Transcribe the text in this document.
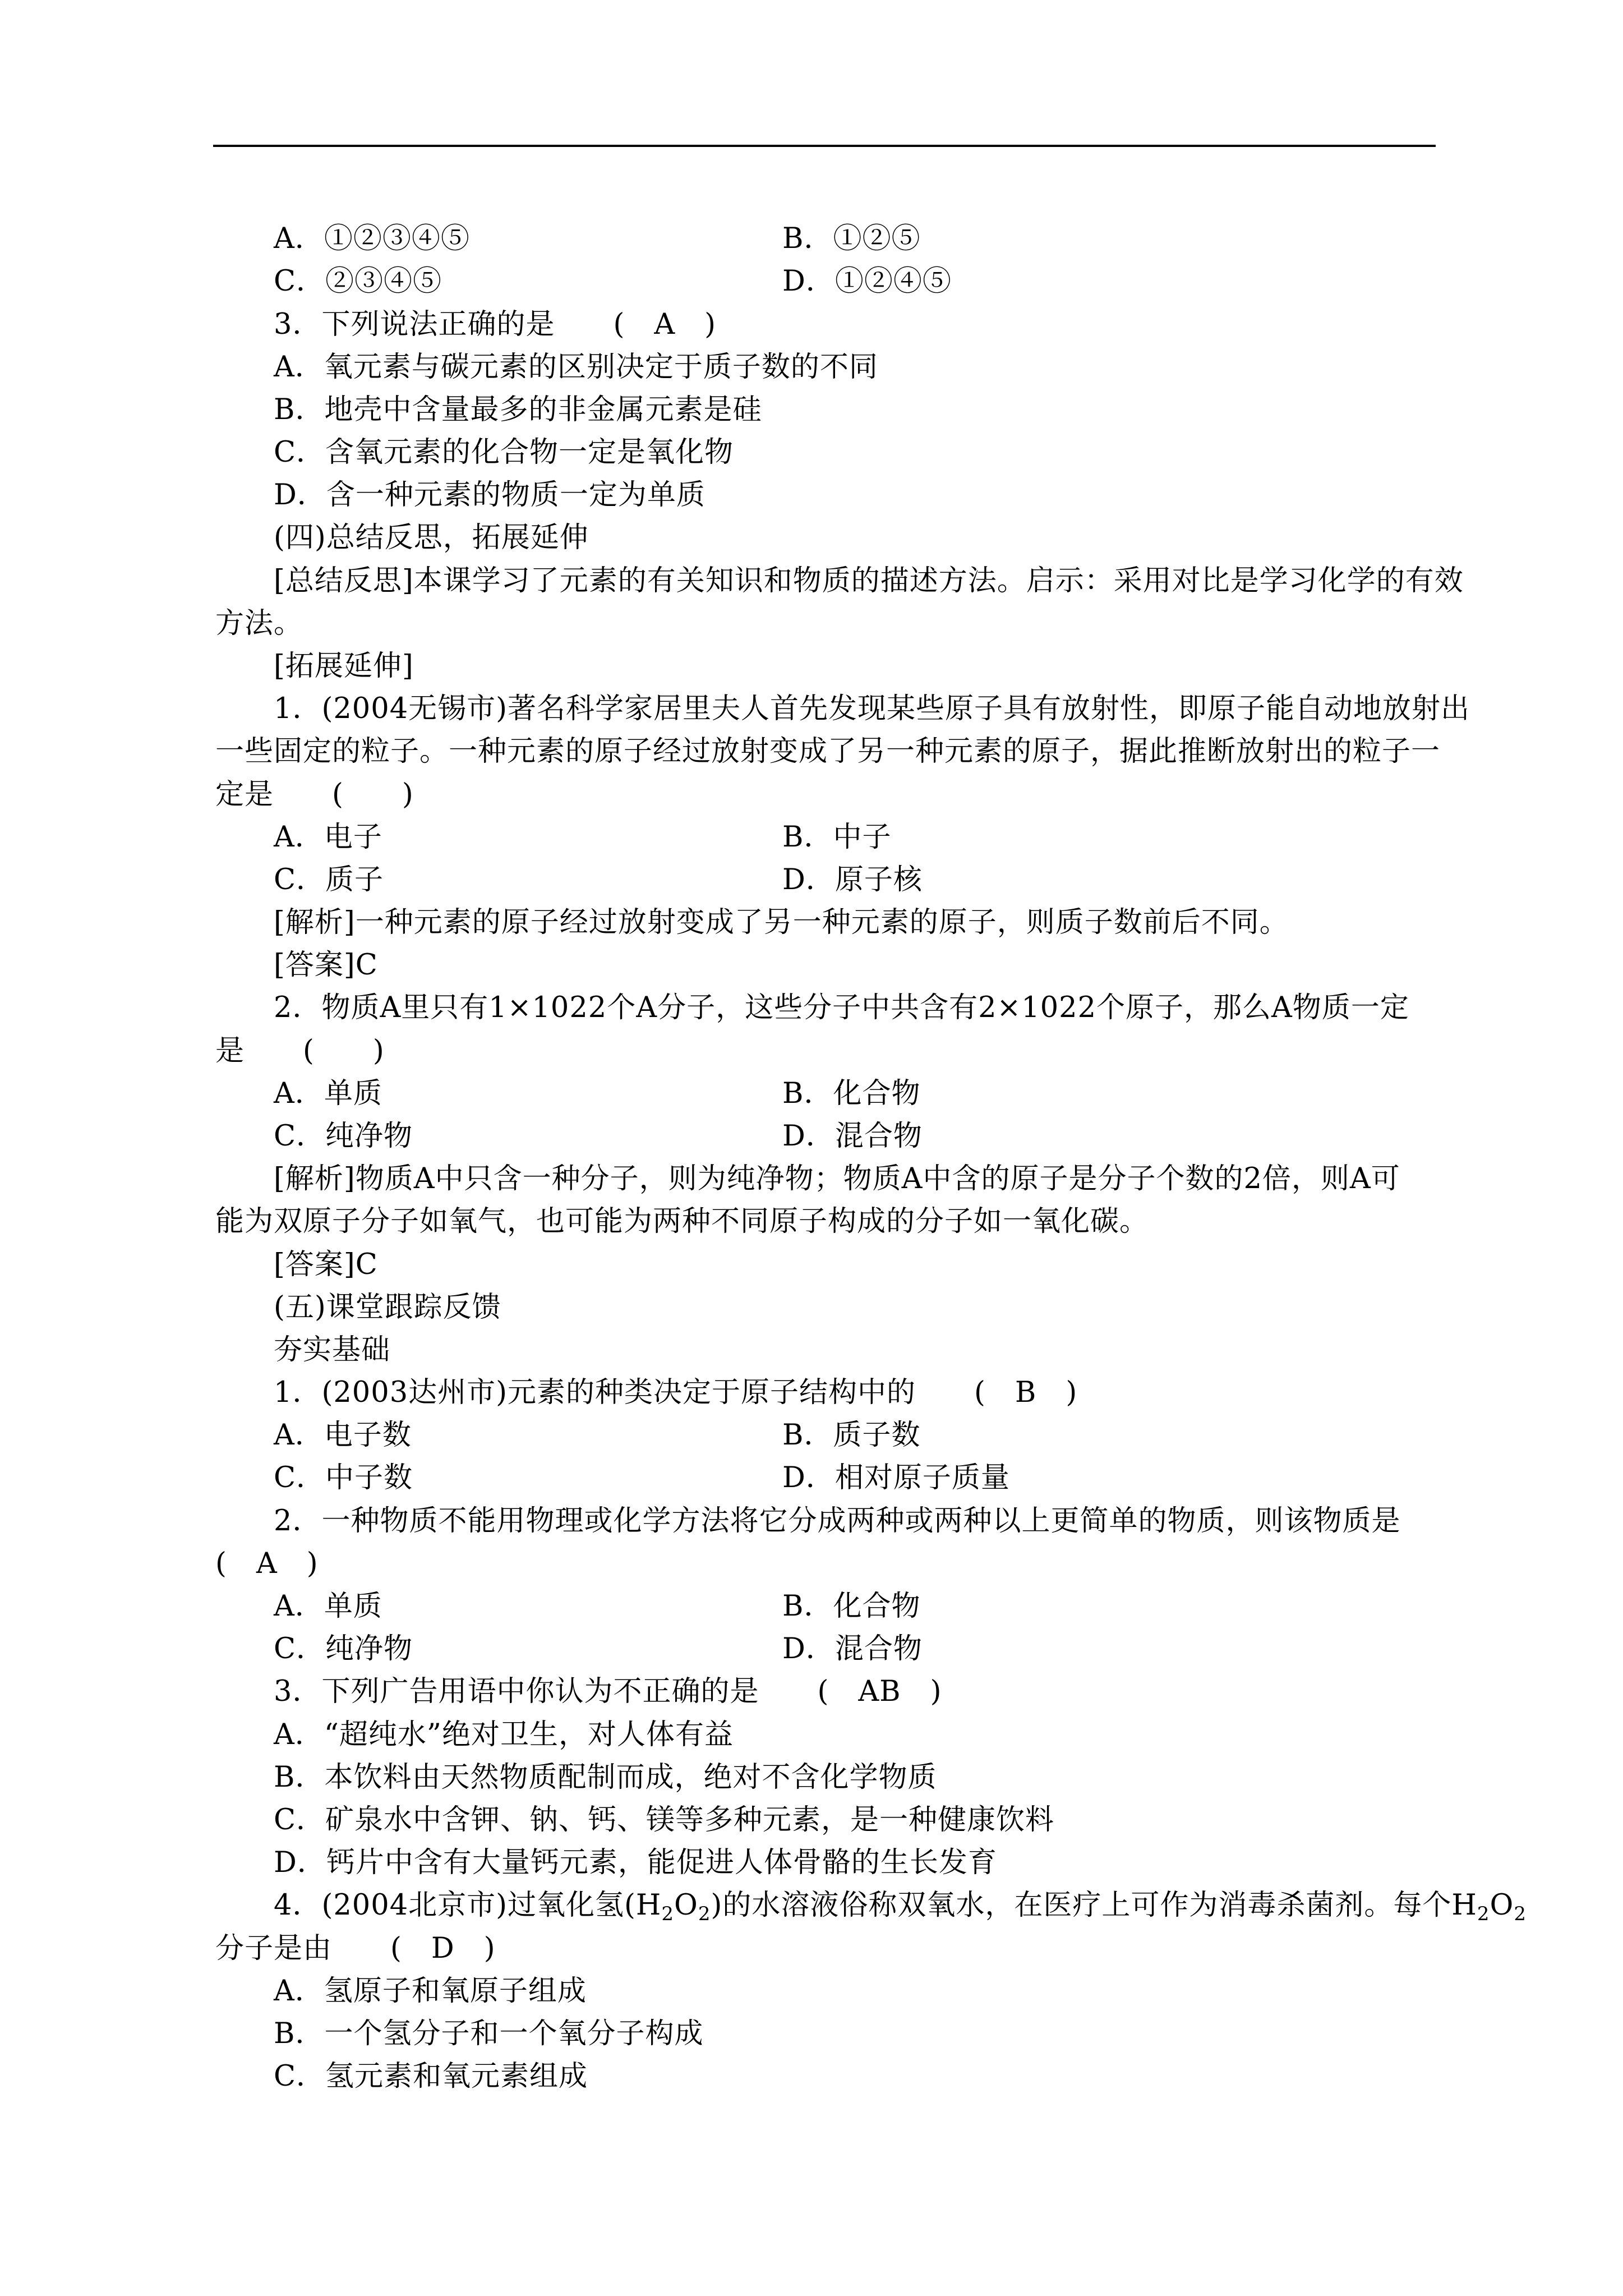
A．①②③④⑤	B．①②⑤
C．②③④⑤	D．①②④⑤
3．下列说法正确的是　　(　A　)
A．氧元素与碳元素的区别决定于质子数的不同
B．地壳中含量最多的非金属元素是硅
C．含氧元素的化合物一定是氧化物
D．含一种元素的物质一定为单质
(四)总结反思，拓展延伸
[总结反思]本课学习了元素的有关知识和物质的描述方法。启示：采用对比是学习化学的有效
方法。
[拓展延伸]
1．(2004无锡市)著名科学家居里夫人首先发现某些原子具有放射性，即原子能自动地放射出
一些固定的粒子。一种元素的原子经过放射变成了另一种元素的原子，据此推断放射出的粒子一
定是　　(　　)
A．电子	B．中子
C．质子	D．原子核
[解析]一种元素的原子经过放射变成了另一种元素的原子，则质子数前后不同。
[答案]C
2．物质A里只有1×1022个A分子，这些分子中共含有2×1022个原子，那么A物质一定
是　　(　　)
A．单质	B．化合物
C．纯净物	D．混合物
[解析]物质A中只含一种分子，则为纯净物；物质A中含的原子是分子个数的2倍，则A可
能为双原子分子如氧气，也可能为两种不同原子构成的分子如一氧化碳。
[答案]C
(五)课堂跟踪反馈
夯实基础
1．(2003达州市)元素的种类决定于原子结构中的　　(　B　)
A．电子数	B．质子数
C．中子数	D．相对原子质量
2．一种物质不能用物理或化学方法将它分成两种或两种以上更简单的物质，则该物质是
(　A　)
A．单质	B．化合物
C．纯净物	D．混合物
3．下列广告用语中你认为不正确的是　　(　AB　)
A．“超纯水”绝对卫生，对人体有益
B．本饮料由天然物质配制而成，绝对不含化学物质
C．矿泉水中含钾、钠、钙、镁等多种元素，是一种健康饮料
D．钙片中含有大量钙元素，能促进人体骨骼的生长发育
4．(2004北京市)过氧化氢$(H_2O_2)$的水溶液俗称双氧水，在医疗上可作为消毒杀菌剂。每个$H_2O_2$
分子是由　　(　D　)
A．氢原子和氧原子组成
B．一个氢分子和一个氧分子构成
C．氢元素和氧元素组成
